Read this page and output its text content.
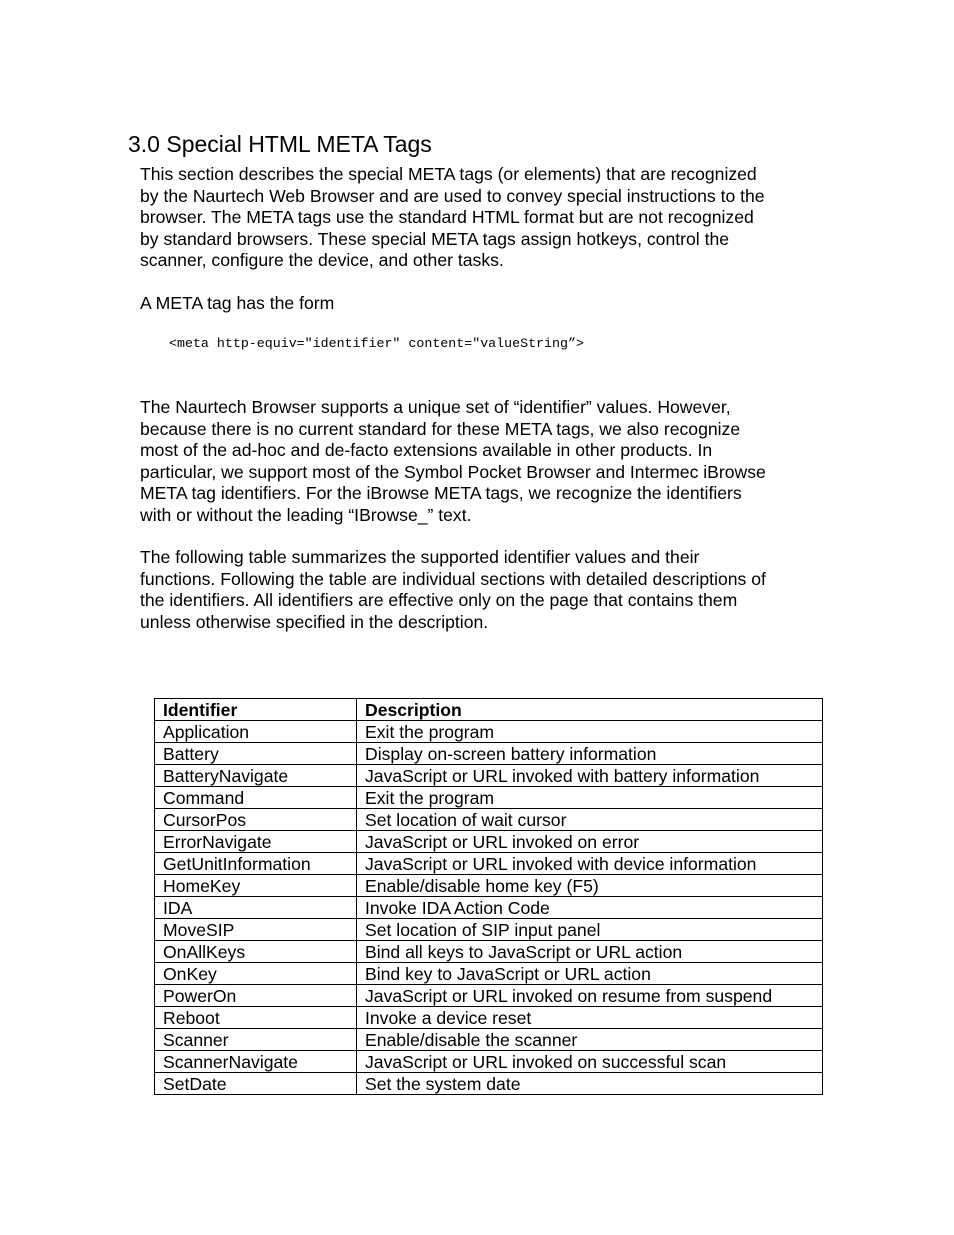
3.0 Special HTML META Tags

This section describes the special META tags (or elements) that are recognized
by the Naurtech Web Browser and are used to convey special instructions to the
browser. The META tags use the standard HTML format but are not recognized
by standard browsers. These special META tags assign hotkeys, control the
scanner, configure the device, and other tasks.

A META tag has the form

<meta http-equiv="identifier" content="valueString”>

The Naurtech Browser supports a unique set of “identifier” values. However,
because there is no current standard for these META tags, we also recognize
most of the ad-hoc and de-facto extensions available in other products. In
particular, we support most of the Symbol Pocket Browser and Intermec iBrowse
META tag identifiers. For the iBrowse META tags, we recognize the identifiers
with or without the leading “IBrowse_” text.

The following table summarizes the supported identifier values and their
functions. Following the table are individual sections with detailed descriptions of
the identifiers. All identifiers are effective only on the page that contains them
unless otherwise specified in the description.

Identifier	Description
Application	Exit the program
Battery	Display on-screen battery information
BatteryNavigate	JavaScript or URL invoked with battery information
Command	Exit the program
CursorPos	Set location of wait cursor
ErrorNavigate	JavaScript or URL invoked on error
GetUnitInformation	JavaScript or URL invoked with device information
HomeKey	Enable/disable home key (F5)
IDA	Invoke IDA Action Code
MoveSIP	Set location of SIP input panel
OnAllKeys	Bind all keys to JavaScript or URL action
OnKey	Bind key to JavaScript or URL action
PowerOn	JavaScript or URL invoked on resume from suspend
Reboot	Invoke a device reset
Scanner	Enable/disable the scanner
ScannerNavigate	JavaScript or URL invoked on successful scan
SetDate	Set the system date
